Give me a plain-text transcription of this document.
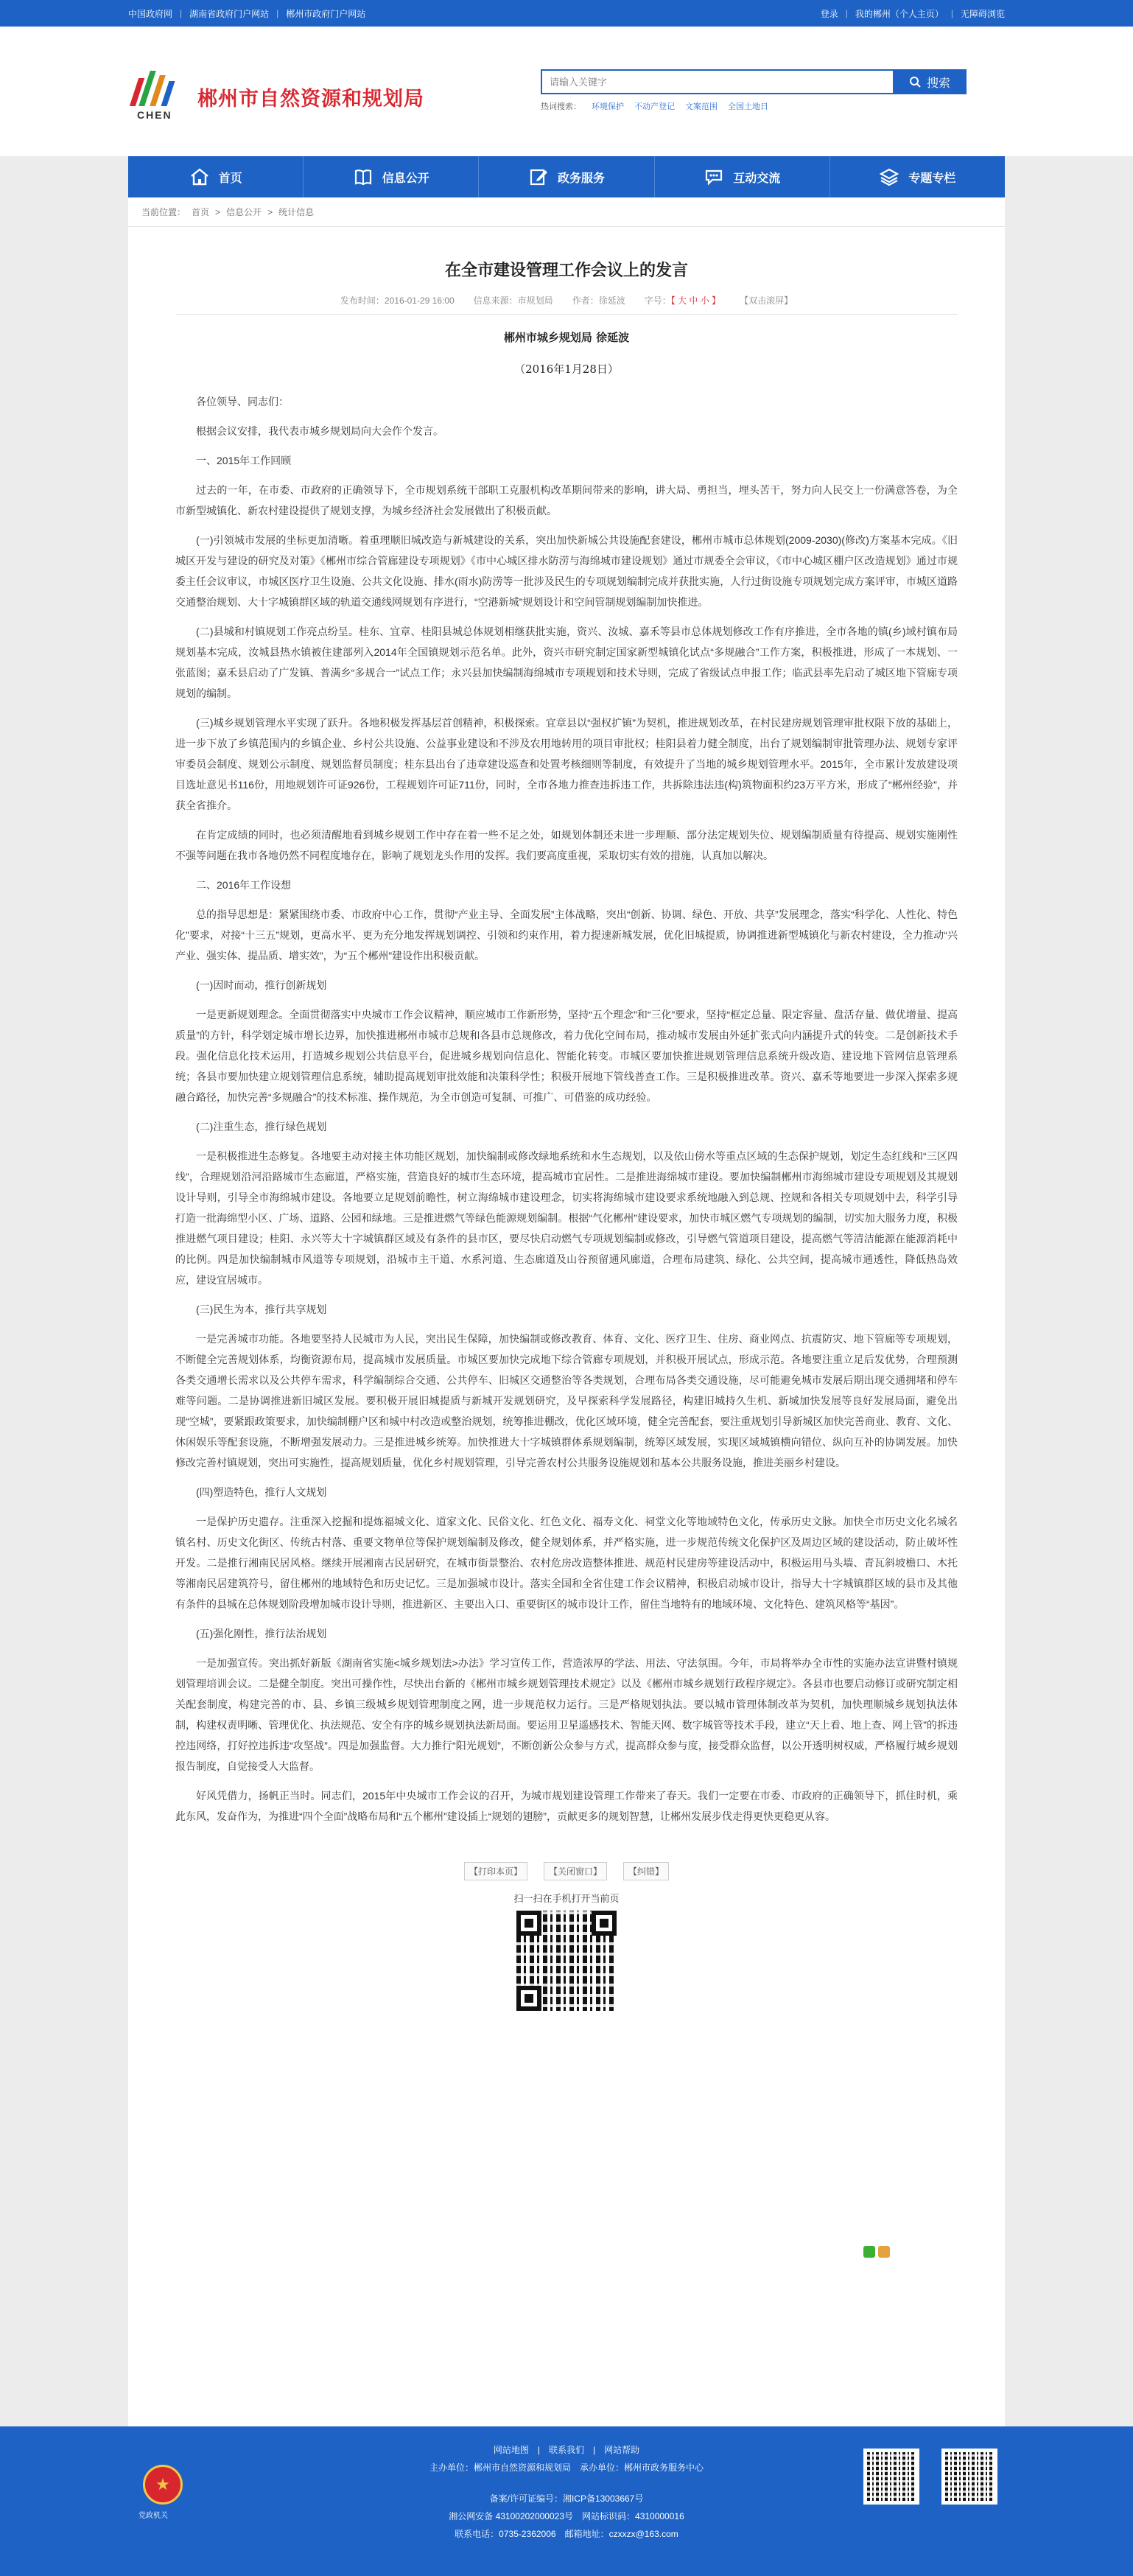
中国政府网 | 湖南省政府门户网站 | 郴州市政府门户网站	登录 | 我的郴州（个人主页） | 无障碍浏览
CHEN
郴州市自然资源和规划局
请输入关键字
搜索
热词搜索： 环境保护 不动产登记 文案范围 全国土地日
首页	信息公开	政务服务	互动交流	专题专栏
当前位置： 首页 > 信息公开 > 统计信息
在全市建设管理工作会议上的发言
发布时间：2016-01-29 16:00 信息来源：市规划局 作者：徐延波 字号：【 大 中 小 】 【双击滚屏】
郴州市城乡规划局 徐延波
（2016年1月28日）

各位领导、同志们：

根据会议安排，我代表市城乡规划局向大会作个发言。

一、2015年工作回顾

过去的一年，在市委、市政府的正确领导下，全市规划系统干部职工克服机构改革期间带来的影响，讲大局、勇担当，埋头苦干，努力向人民交上一份满意答卷，为全市新型城镇化、新农村建设提供了规划支撑，为城乡经济社会发展做出了积极贡献。

(一)引领城市发展的坐标更加清晰。着重理顺旧城改造与新城建设的关系，突出加快新城公共设施配套建设，郴州市城市总体规划(2009-2030)(修改)方案基本完成。《旧城区开发与建设的研究及对策》《郴州市综合管廊建设专项规划》《市中心城区排水防涝与海绵城市建设规划》通过市规委全会审议，《市中心城区棚户区改造规划》通过市规委主任会议审议，市城区医疗卫生设施、公共文化设施、排水(雨水)防涝等一批涉及民生的专项规划编制完成并获批实施，人行过街设施专项规划完成方案评审，市城区道路交通整治规划、大十字城镇群区域的轨道交通线网规划有序进行，“空港新城”规划设计和空间管制规划编制加快推进。

(二)县城和村镇规划工作亮点纷呈。桂东、宜章、桂阳县城总体规划相继获批实施，资兴、汝城、嘉禾等县市总体规划修改工作有序推进，全市各地的镇(乡)域村镇布局规划基本完成，汝城县热水镇被住建部列入2014年全国镇规划示范名单。此外，资兴市研究制定国家新型城镇化试点“多规融合”工作方案，积极推进，形成了一本规划、一张蓝图；嘉禾县启动了广发镇、普满乡“多规合一”试点工作；永兴县加快编制海绵城市专项规划和技术导则，完成了省级试点申报工作；临武县率先启动了城区地下管廊专项规划的编制。

(三)城乡规划管理水平实现了跃升。各地积极发挥基层首创精神，积极探索。宜章县以“强权扩镇”为契机，推进规划改革，在村民建房规划管理审批权限下放的基础上，进一步下放了乡镇范围内的乡镇企业、乡村公共设施、公益事业建设和不涉及农用地转用的项目审批权；桂阳县着力健全制度，出台了规划编制审批管理办法、规划专家评审委员会制度、规划公示制度、规划监督员制度；桂东县出台了违章建设巡查和处置考核细则等制度，有效提升了当地的城乡规划管理水平。2015年，全市累计发放建设项目选址意见书116份，用地规划许可证926份，工程规划许可证711份，同时，全市各地力推查违拆违工作，共拆除违法违(构)筑物面积约23万平方米，形成了“郴州经验”，并获全省推介。

在肯定成绩的同时，也必须清醒地看到城乡规划工作中存在着一些不足之处，如规划体制还未进一步理顺、部分法定规划失位、规划编制质量有待提高、规划实施刚性不强等问题在我市各地仍然不同程度地存在，影响了规划龙头作用的发挥。我们要高度重视，采取切实有效的措施，认真加以解决。

二、2016年工作设想

总的指导思想是：紧紧围绕市委、市政府中心工作，贯彻“产业主导、全面发展”主体战略，突出“创新、协调、绿色、开放、共享”发展理念，落实“科学化、人性化、特色化”要求，对接“十三五”规划，更高水平、更为充分地发挥规划调控、引领和约束作用，着力提速新城发展，优化旧城提质，协调推进新型城镇化与新农村建设，全力推动“兴产业、强实体、提品质、增实效”，为“五个郴州”建设作出积极贡献。

(一)因时而动，推行创新规划

一是更新规划理念。全面贯彻落实中央城市工作会议精神，顺应城市工作新形势，坚持“五个理念”和“三化”要求，坚持“框定总量、限定容量、盘活存量、做优增量、提高质量”的方针，科学划定城市增长边界，加快推进郴州市城市总规和各县市总规修改，着力优化空间布局，推动城市发展由外延扩张式向内涵提升式的转变。二是创新技术手段。强化信息化技术运用，打造城乡规划公共信息平台，促进城乡规划向信息化、智能化转变。市城区要加快推进规划管理信息系统升级改造、建设地下管网信息管理系统；各县市要加快建立规划管理信息系统，辅助提高规划审批效能和决策科学性；积极开展地下管线普查工作。三是积极推进改革。资兴、嘉禾等地要进一步深入探索多规融合路径，加快完善“多规融合”的技术标准、操作规范，为全市创造可复制、可推广、可借鉴的成功经验。

(二)注重生态，推行绿色规划

一是积极推进生态修复。各地要主动对接主体功能区规划，加快编制或修改绿地系统和水生态规划，以及依山傍水等重点区域的生态保护规划，划定生态红线和“三区四线”，合理规划沿河沿路城市生态廊道，严格实施，营造良好的城市生态环境，提高城市宜居性。二是推进海绵城市建设。要加快编制郴州市海绵城市建设专项规划及其规划设计导则，引导全市海绵城市建设。各地要立足规划前瞻性，树立海绵城市建设理念，切实将海绵城市建设要求系统地融入到总规、控规和各相关专项规划中去，科学引导打造一批海绵型小区、广场、道路、公园和绿地。三是推进燃气等绿色能源规划编制。根据“气化郴州”建设要求，加快市城区燃气专项规划的编制，切实加大服务力度，积极推进燃气项目建设；桂阳、永兴等大十字城镇群区域及有条件的县市区，要尽快启动燃气专项规划编制或修改，引导燃气管道项目建设，提高燃气等清洁能源在能源消耗中的比例。四是加快编制城市风道等专项规划，沿城市主干道、水系河道、生态廊道及山谷预留通风廊道，合理布局建筑、绿化、公共空间，提高城市通透性，降低热岛效应，建设宜居城市。

(三)民生为本，推行共享规划

一是完善城市功能。各地要坚持人民城市为人民，突出民生保障，加快编制或修改教育、体育、文化、医疗卫生、住房、商业网点、抗震防灾、地下管廊等专项规划，不断健全完善规划体系，均衡资源布局，提高城市发展质量。市城区要加快完成地下综合管廊专项规划，并积极开展试点，形成示范。各地要注重立足后发优势，合理预测各类交通增长需求以及公共停车需求，科学编制综合交通、公共停车、旧城区交通整治等各类规划，合理布局各类交通设施，尽可能避免城市发展后期出现交通拥堵和停车难等问题。二是协调推进新旧城区发展。要积极开展旧城提质与新城开发规划研究，及早探索科学发展路径，构建旧城持久生机、新城加快发展等良好发展局面，避免出现“空城”，要紧跟政策要求，加快编制棚户区和城中村改造或整治规划，统筹推进棚改，优化区域环境，健全完善配套，要注重规划引导新城区加快完善商业、教育、文化、休闲娱乐等配套设施，不断增强发展动力。三是推进城乡统筹。加快推进大十字城镇群体系规划编制，统筹区域发展，实现区域城镇横向错位、纵向互补的协调发展。加快修改完善村镇规划，突出可实施性，提高规划质量，优化乡村规划管理，引导完善农村公共服务设施规划和基本公共服务设施，推进美丽乡村建设。

(四)塑造特色，推行人文规划

一是保护历史遗存。注重深入挖掘和提炼福城文化、道家文化、民俗文化、红色文化、福寿文化、祠堂文化等地域特色文化，传承历史文脉。加快全市历史文化名城名镇名村、历史文化街区、传统古村落、重要文物单位等保护规划编制及修改，健全规划体系，并严格实施，进一步规范传统文化保护区及周边区域的建设活动，防止破坏性开发。二是推行湘南民居风格。继续开展湘南古民居研究，在城市街景整治、农村危房改造整体推进、规范村民建房等建设活动中，积极运用马头墙、青瓦斜坡檐口、木托等湘南民居建筑符号，留住郴州的地域特色和历史记忆。三是加强城市设计。落实全国和全省住建工作会议精神，积极启动城市设计，指导大十字城镇群区域的县市及其他有条件的县城在总体规划阶段增加城市设计导则，推进新区、主要出入口、重要街区的城市设计工作，留住当地特有的地域环境、文化特色、建筑风格等“基因”。

(五)强化刚性，推行法治规划

一是加强宣传。突出抓好新版《湖南省实施<城乡规划法>办法》学习宣传工作，营造浓厚的学法、用法、守法氛围。今年，市局将举办全市性的实施办法宣讲暨村镇规划管理培训会议。二是健全制度。突出可操作性，尽快出台新的《郴州市城乡规划管理技术规定》以及《郴州市城乡规划行政程序规定》。各县市也要启动修订或研究制定相关配套制度，构建完善的市、县、乡镇三级城乡规划管理制度之网，进一步规范权力运行。三是严格规划执法。要以城市管理体制改革为契机，加快理顺城乡规划执法体制，构建权责明晰、管理优化、执法规范、安全有序的城乡规划执法新局面。要运用卫星遥感技术、智能天网、数字城管等技术手段，建立“天上看、地上查、网上管”的拆违控违网络，打好控违拆违“攻坚战”。四是加强监督。大力推行“阳光规划”，不断创新公众参与方式，提高群众参与度，接受群众监督，以公开透明树权威，严格履行城乡规划报告制度，自觉接受人大监督。

好风凭借力，扬帆正当时。同志们，2015年中央城市工作会议的召开，为城市规划建设管理工作带来了春天。我们一定要在市委、市政府的正确领导下，抓住时机，乘此东风，发奋作为，为推进“四个全面”战略布局和“五个郴州”建设插上“规划的翅膀”，贡献更多的规划智慧，让郴州发展步伐走得更快更稳更从容。

【打印本页】	【关闭窗口】	【纠错】
扫一扫在手机打开当前页
★
党政机关
网站地图 | 联系我们 | 网站帮助
主办单位：郴州市自然资源和规划局 承办单位：郴州市政务服务中心
备案/许可证编号：湘ICP备13003667号
湘公网安备 43100202000023号 网站标识码：4310000016
联系电话：0735-2362006 邮箱地址：czxxzx@163.com
